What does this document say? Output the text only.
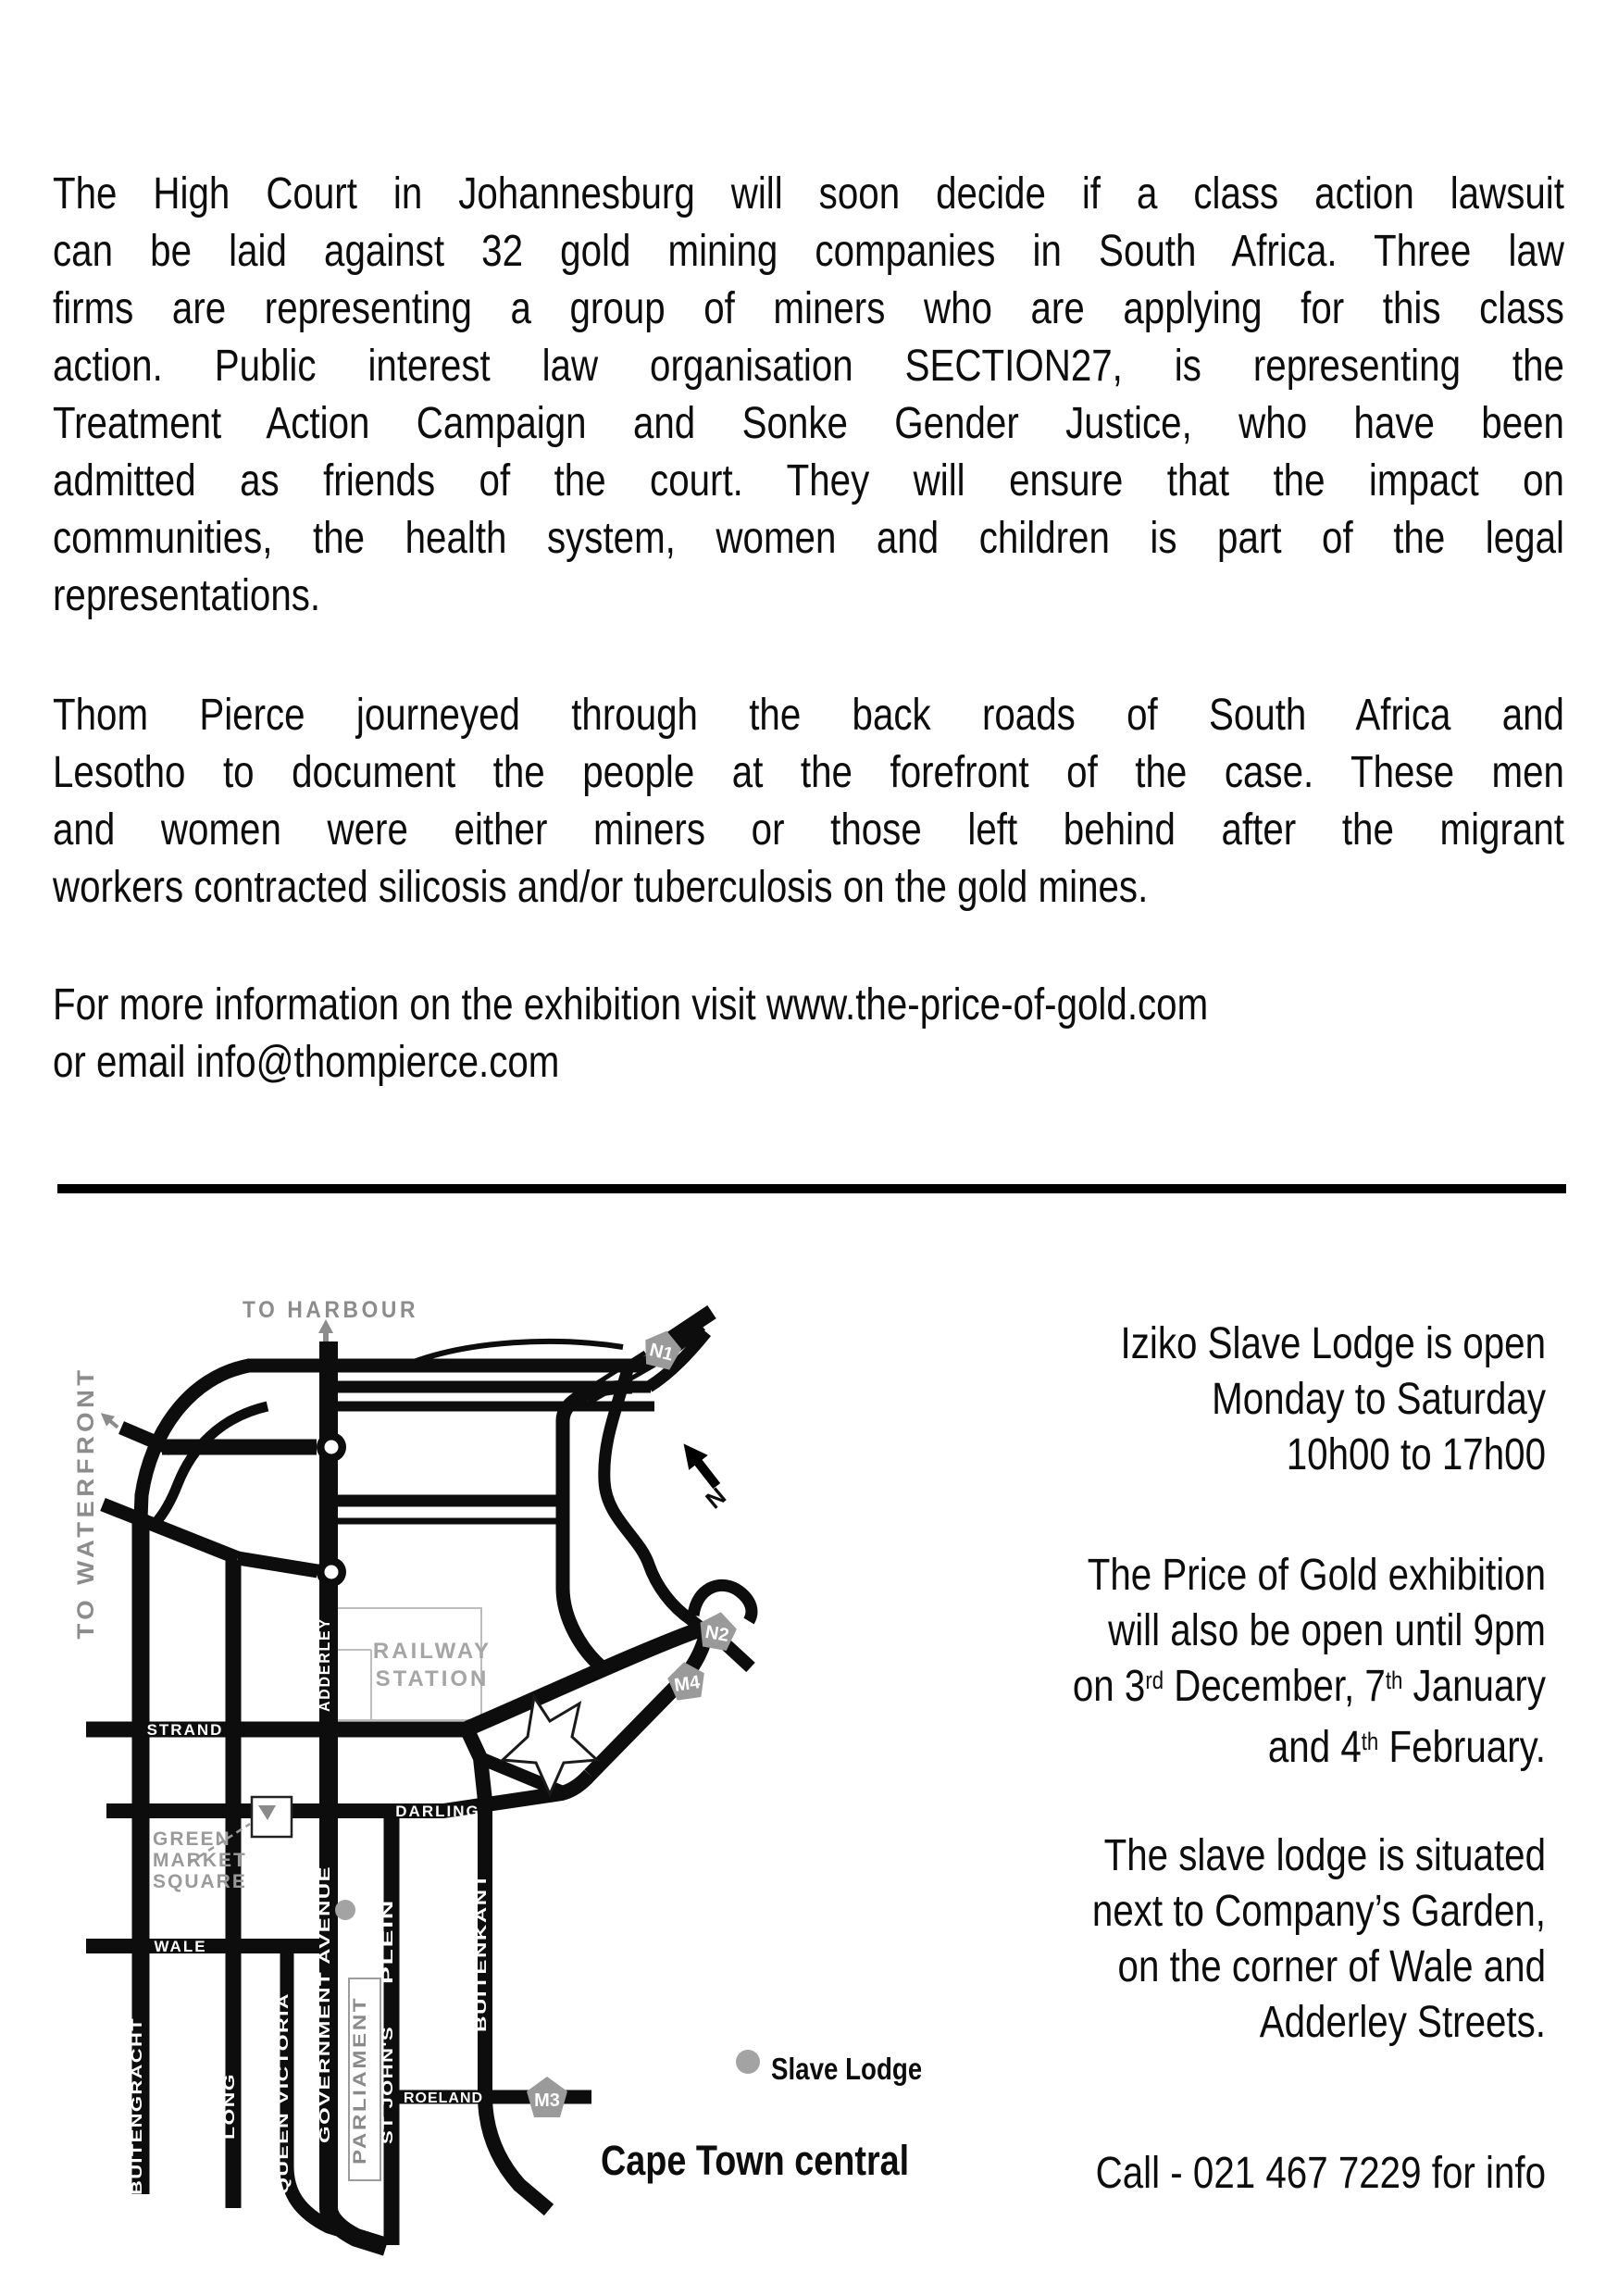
The High Court in Johannesburg will soon decide if a class action lawsuit
can be laid against 32 gold mining companies in South Africa. Three law
firms are representing a group of miners who are applying for this class
action. Public interest law organisation SECTION27, is representing the
Treatment Action Campaign and Sonke Gender Justice, who have been
admitted as friends of the court. They will ensure that the impact on
communities, the health system, women and children is part of the legal
representations.
Thom Pierce journeyed through the back roads of South Africa and
Lesotho to document the people at the forefront of the case. These men
and women were either miners or those left behind after the migrant
workers contracted silicosis and/or tuberculosis on the gold mines.
For more information on the exhibition visit www.the-price-of-gold.com
or email info@thompierce.com
PARLIAMENT
N
N1
N2
M4
M3
TO HARBOUR
TO WATERFRONT
RAILWAY
STATION
GREEN
MARKET
SQUARE
STRAND
DARLING
WALE
ROELAND
ADDERLEY
GOVERNMENT AVENUE
BUITENGRACHT	LONG	QUEEN VICTORIA
PLEIN
ST JOHN'S
BUITENKANT
Slave Lodge
Cape Town central
Iziko Slave Lodge is open
Monday to Saturday
10h00 to 17h00
The Price of Gold exhibition
will also be open until 9pm
on 3rd December, 7th January
and 4th February.
The slave lodge is situated
next to Company’s Garden,
on the corner of Wale and
Adderley Streets.
Call - 021 467 7229 for info
